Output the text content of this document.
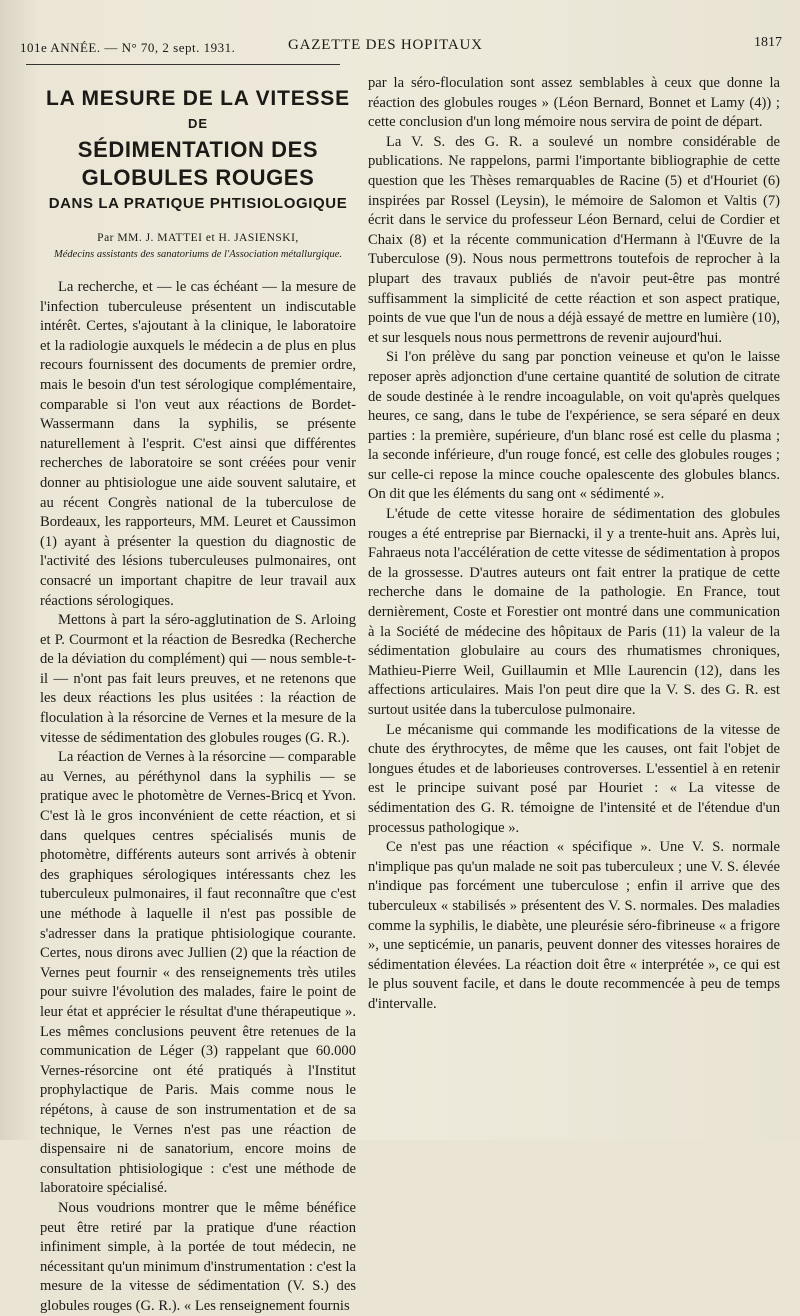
101e ANNÉE. — N° 70, 2 sept. 1931.	GAZETTE DES HOPITAUX	1817
LA MESURE DE LA VITESSE
DE
SÉDIMENTATION DES GLOBULES ROUGES
DANS LA PRATIQUE PHTISIOLOGIQUE
Par MM. J. MATTEI et H. JASIENSKI,
Médecins assistants des sanatoriums de l'Association métallurgique.

La recherche, et — le cas échéant — la mesure de l'infection tuberculeuse présentent un indiscutable intérêt. Certes, s'ajoutant à la clinique, le laboratoire et la radiologie auxquels le médecin a de plus en plus recours fournissent des documents de premier ordre, mais le besoin d'un test sérologique complémentaire, comparable si l'on veut aux réactions de Bordet-Wassermann dans la syphilis, se présente naturellement à l'esprit. C'est ainsi que différentes recherches de laboratoire se sont créées pour venir donner au phtisiologue une aide souvent salutaire, et au récent Congrès national de la tuberculose de Bordeaux, les rapporteurs, MM. Leuret et Caussimon (1) ayant à présenter la question du diagnostic de l'activité des lésions tuberculeuses pulmonaires, ont consacré un important chapitre de leur travail aux réactions sérologiques.

Mettons à part la séro-agglutination de S. Arloing et P. Courmont et la réaction de Besredka (Recherche de la déviation du complément) qui — nous semble-t-il — n'ont pas fait leurs preuves, et ne retenons que les deux réactions les plus usitées : la réaction de floculation à la résorcine de Vernes et la mesure de la vitesse de sédimentation des globules rouges (G. R.).

La réaction de Vernes à la résorcine — comparable au Vernes, au péréthynol dans la syphilis — se pratique avec le photomètre de Vernes-Bricq et Yvon. C'est là le gros inconvénient de cette réaction, et si dans quelques centres spécialisés munis de photomètre, différents auteurs sont arrivés à obtenir des graphiques sérologiques intéressants chez les tuberculeux pulmonaires, il faut reconnaître que c'est une méthode à laquelle il n'est pas possible de s'adresser dans la pratique phtisiologique courante. Certes, nous dirons avec Jullien (2) que la réaction de Vernes peut fournir « des renseignements très utiles pour suivre l'évolution des malades, faire le point de leur état et apprécier le résultat d'une thérapeutique ». Les mêmes conclusions peuvent être retenues de la communication de Léger (3) rappelant que 60.000 Vernes-résorcine ont été pratiqués à l'Institut prophylactique de Paris. Mais comme nous le répétons, à cause de son instrumentation et de sa technique, le Vernes n'est pas une réaction de dispensaire ni de sanatorium, encore moins de consultation phtisiologique : c'est une méthode de laboratoire spécialisé.

Nous voudrions montrer que le même bénéfice peut être retiré par la pratique d'une réaction infiniment simple, à la portée de tout médecin, ne nécessitant qu'un minimum d'instrumentation : c'est la mesure de la vitesse de sédimentation (V. S.) des globules rouges (G. R.). « Les renseignement fournis

par la séro-floculation sont assez semblables à ceux que donne la réaction des globules rouges » (Léon Bernard, Bonnet et Lamy (4)) ; cette conclusion d'un long mémoire nous servira de point de départ.

La V. S. des G. R. a soulevé un nombre considérable de publications. Ne rappelons, parmi l'importante bibliographie de cette question que les Thèses remarquables de Racine (5) et d'Houriet (6) inspirées par Rossel (Leysin), le mémoire de Salomon et Valtis (7) écrit dans le service du professeur Léon Bernard, celui de Cordier et Chaix (8) et la récente communication d'Hermann à l'Œuvre de la Tuberculose (9). Nous nous permettrons toutefois de reprocher à la plupart des travaux publiés de n'avoir peut-être pas montré suffisamment la simplicité de cette réaction et son aspect pratique, points de vue que l'un de nous a déjà essayé de mettre en lumière (10), et sur lesquels nous nous permettrons de revenir aujourd'hui.

Si l'on prélève du sang par ponction veineuse et qu'on le laisse reposer après adjonction d'une certaine quantité de solution de citrate de soude destinée à le rendre incoagulable, on voit qu'après quelques heures, ce sang, dans le tube de l'expérience, se sera séparé en deux parties : la première, supérieure, d'un blanc rosé est celle du plasma ; la seconde inférieure, d'un rouge foncé, est celle des globules rouges ; sur celle-ci repose la mince couche opalescente des globules blancs. On dit que les éléments du sang ont « sédimenté ».

L'étude de cette vitesse horaire de sédimentation des globules rouges a été entreprise par Biernacki, il y a trente-huit ans. Après lui, Fahraeus nota l'accélération de cette vitesse de sédimentation à propos de la grossesse. D'autres auteurs ont fait entrer la pratique de cette recherche dans le domaine de la pathologie. En France, tout dernièrement, Coste et Forestier ont montré dans une communication à la Société de médecine des hôpitaux de Paris (11) la valeur de la sédimentation globulaire au cours des rhumatismes chroniques, Mathieu-Pierre Weil, Guillaumin et Mlle Laurencin (12), dans les affections articulaires. Mais l'on peut dire que la V. S. des G. R. est surtout usitée dans la tuberculose pulmonaire.

Le mécanisme qui commande les modifications de la vitesse de chute des érythrocytes, de même que les causes, ont fait l'objet de longues études et de laborieuses controverses. L'essentiel à en retenir est le principe suivant posé par Houriet : « La vitesse de sédimentation des G. R. témoigne de l'intensité et de l'étendue d'un processus pathologique ».

Ce n'est pas une réaction « spécifique ». Une V. S. normale n'implique pas qu'un malade ne soit pas tuberculeux ; une V. S. élevée n'indique pas forcément une tuberculose ; enfin il arrive que des tuberculeux « stabilisés » présentent des V. S. normales. Des maladies comme la syphilis, le diabète, une pleurésie séro-fibrineuse « a frigore », une septicémie, un panaris, peuvent donner des vitesses horaires de sédimentation élevées. La réaction doit être « interprétée », ce qui est le plus souvent facile, et dans le doute recommencée à peu de temps d'intervalle.
